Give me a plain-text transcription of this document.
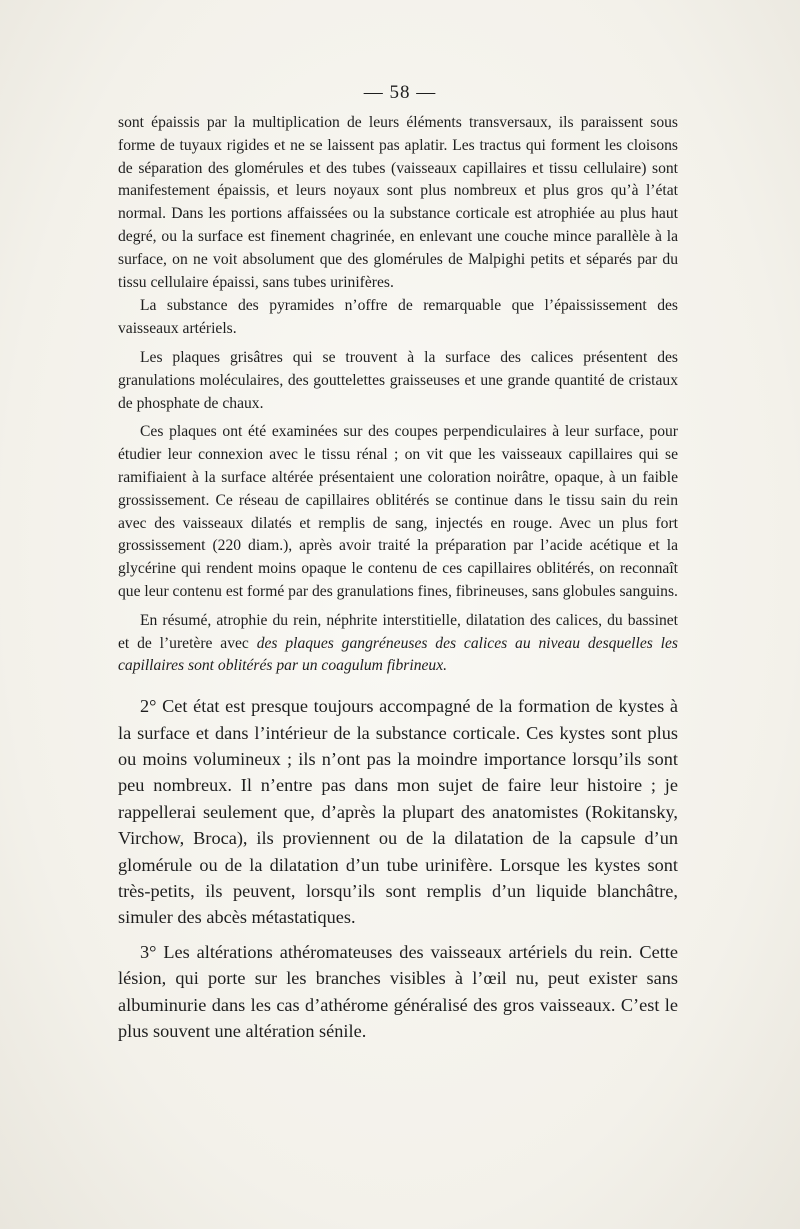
— 58 —

sont épaissis par la multiplication de leurs éléments transversaux, ils paraissent sous forme de tuyaux rigides et ne se laissent pas aplatir. Les tractus qui forment les cloisons de séparation des glomérules et des tubes (vaisseaux capillaires et tissu cellulaire) sont manifestement épaissis, et leurs noyaux sont plus nombreux et plus gros qu’à l’état normal. Dans les portions affaissées ou la substance corticale est atrophiée au plus haut degré, ou la surface est finement chagrinée, en enlevant une couche mince parallèle à la surface, on ne voit absolument que des glomérules de Malpighi petits et séparés par du tissu cellulaire épaissi, sans tubes urinifères.

La substance des pyramides n’offre de remarquable que l’épaississement des vaisseaux artériels.

Les plaques grisâtres qui se trouvent à la surface des calices présentent des granulations moléculaires, des gouttelettes graisseuses et une grande quantité de cristaux de phosphate de chaux.

Ces plaques ont été examinées sur des coupes perpendiculaires à leur surface, pour étudier leur connexion avec le tissu rénal ; on vit que les vaisseaux capillaires qui se ramifiaient à la surface altérée présentaient une coloration noirâtre, opaque, à un faible grossissement. Ce réseau de capillaires oblitérés se continue dans le tissu sain du rein avec des vaisseaux dilatés et remplis de sang, injectés en rouge. Avec un plus fort grossissement (220 diam.), après avoir traité la préparation par l’acide acétique et la glycérine qui rendent moins opaque le contenu de ces capillaires oblitérés, on reconnaît que leur contenu est formé par des granulations fines, fibrineuses, sans globules sanguins.

En résumé, atrophie du rein, néphrite interstitielle, dilatation des calices, du bassinet et de l’uretère avec des plaques gangréneuses des calices au niveau desquelles les capillaires sont oblitérés par un coagulum fibrineux.

2° Cet état est presque toujours accompagné de la formation de kystes à la surface et dans l’intérieur de la substance corticale. Ces kystes sont plus ou moins volumineux ; ils n’ont pas la moindre importance lorsqu’ils sont peu nombreux. Il n’entre pas dans mon sujet de faire leur histoire ; je rappellerai seulement que, d’après la plupart des anatomistes (Rokitansky, Virchow, Broca), ils proviennent ou de la dilatation de la capsule d’un glomérule ou de la dilatation d’un tube urinifère. Lorsque les kystes sont très-petits, ils peuvent, lorsqu’ils sont remplis d’un liquide blanchâtre, simuler des abcès métastatiques.

3° Les altérations athéromateuses des vaisseaux artériels du rein. Cette lésion, qui porte sur les branches visibles à l’œil nu, peut exister sans albuminurie dans les cas d’athérome généralisé des gros vaisseaux. C’est le plus souvent une altération sénile.
